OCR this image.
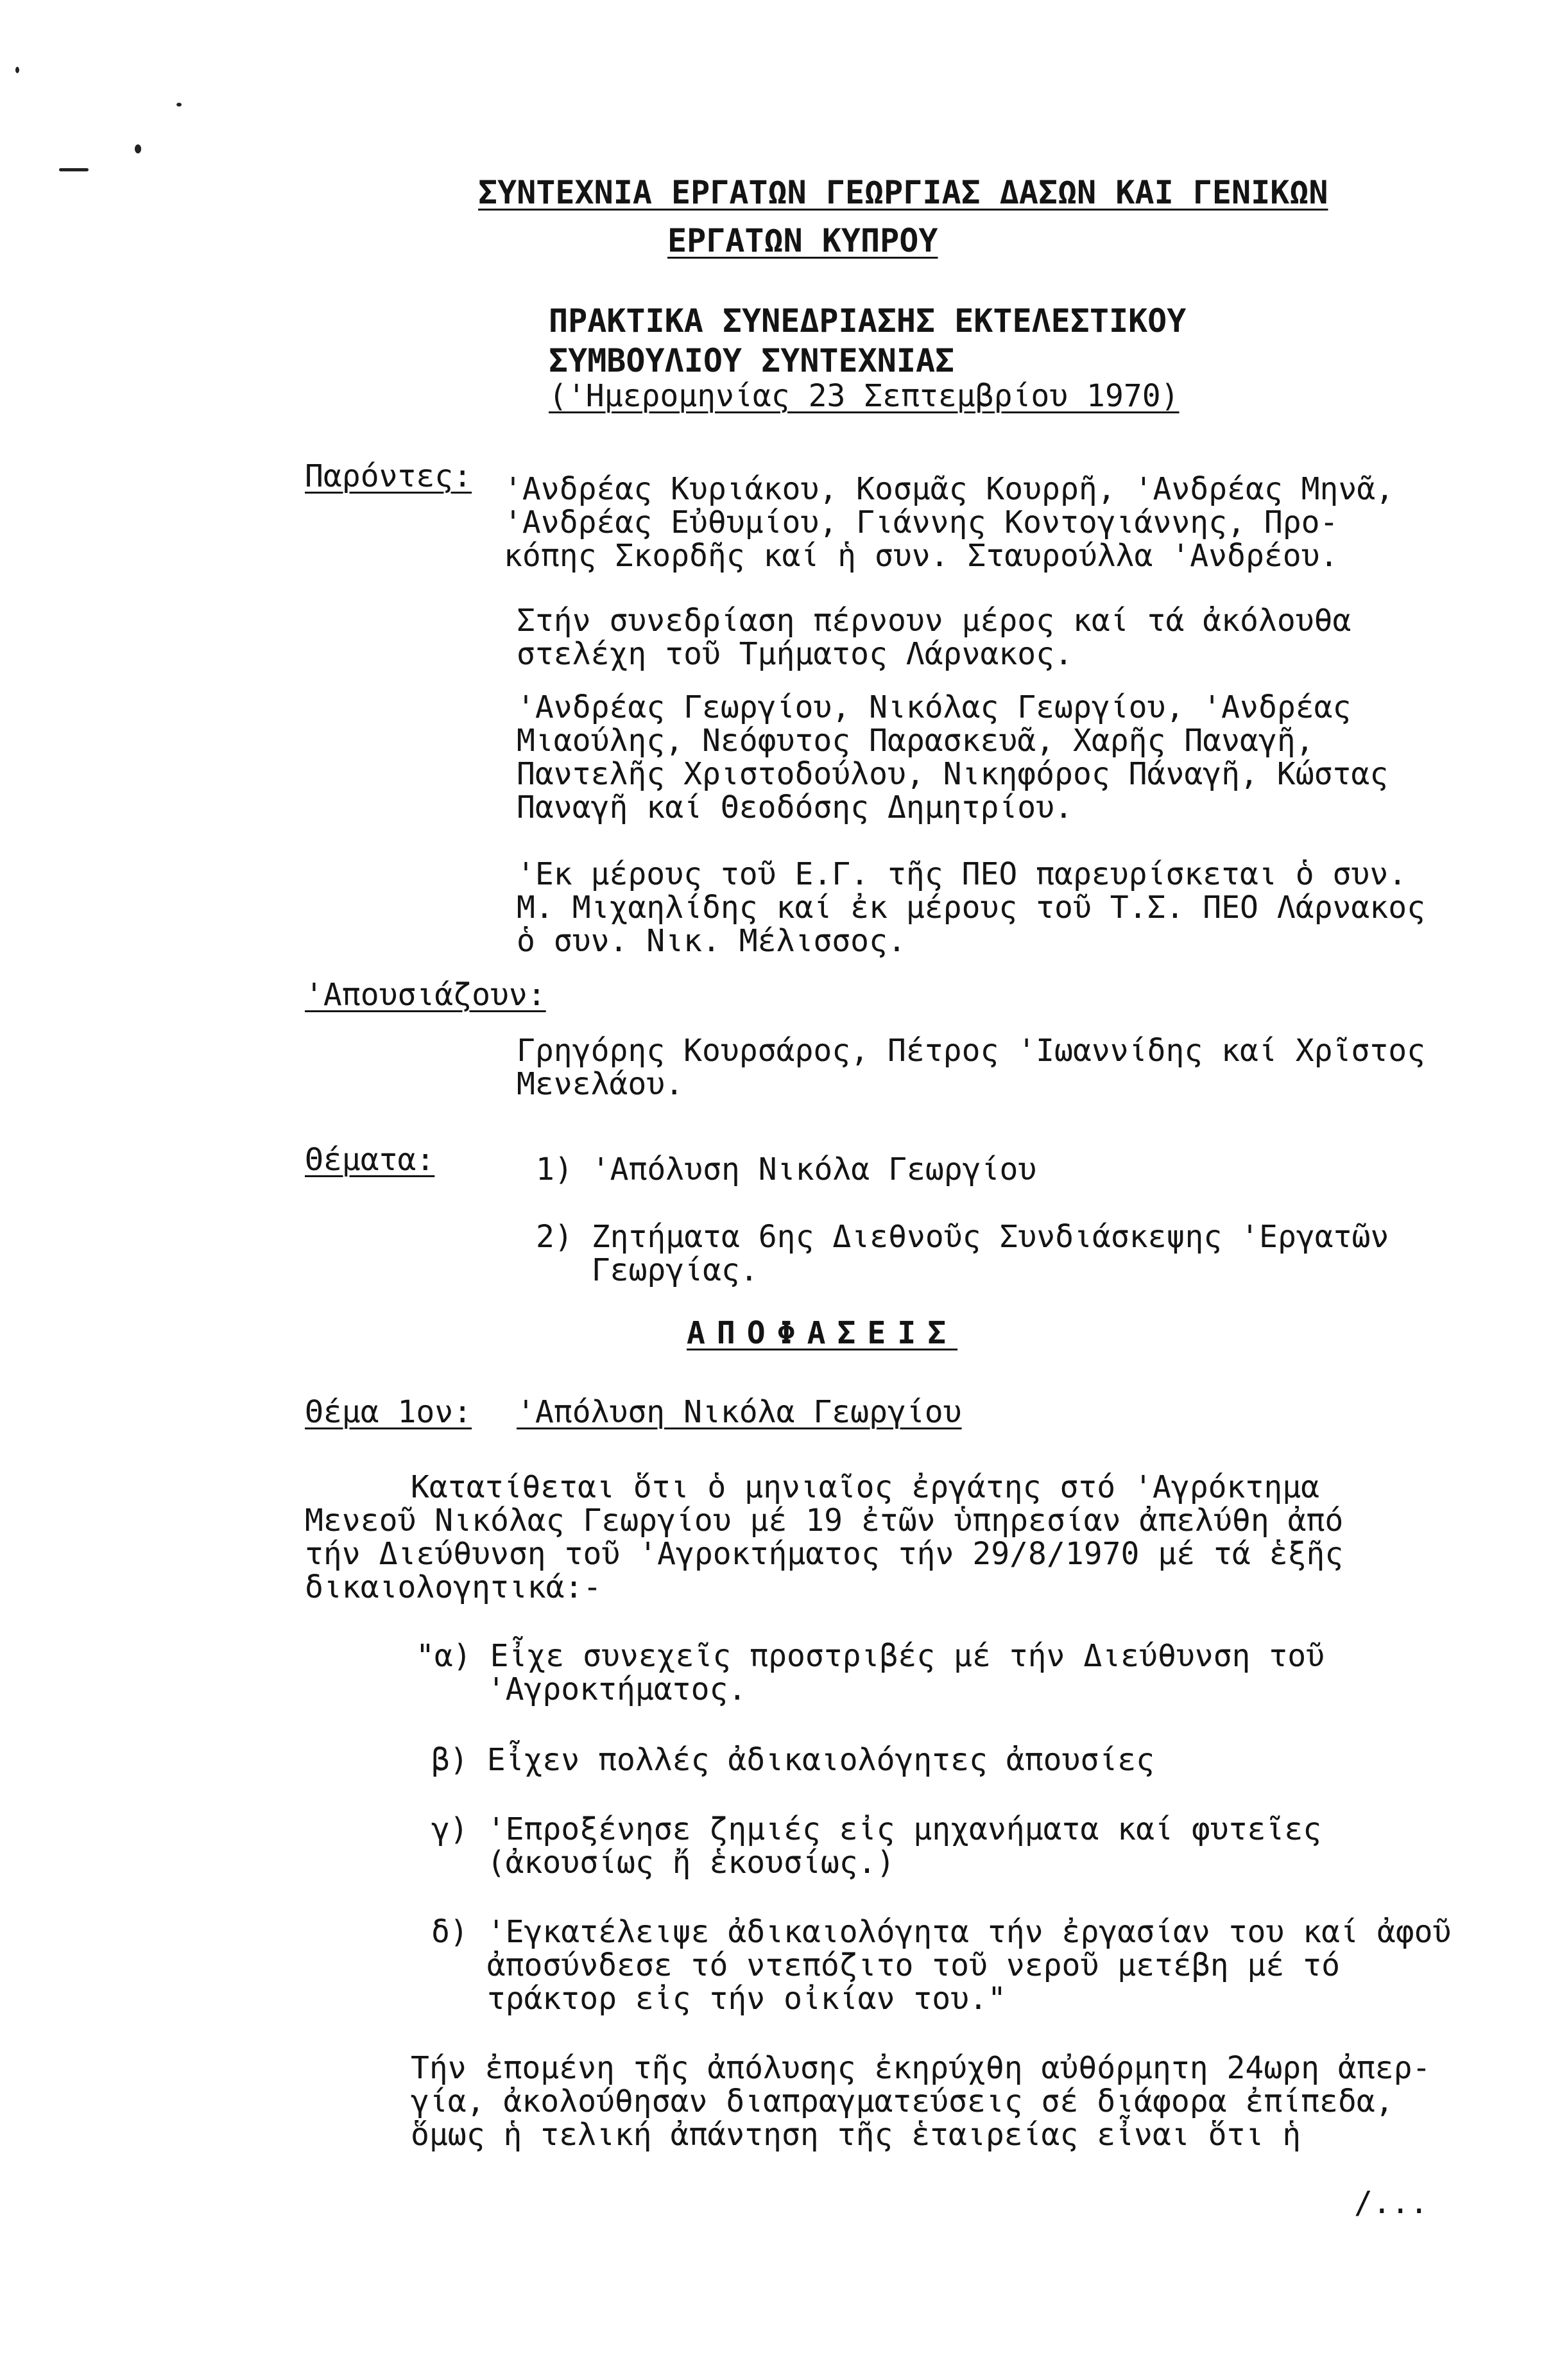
ΣΥΝΤΕΧΝΙΑ ΕΡΓΑΤΩΝ ΓΕΩΡΓΙΑΣ ΔΑΣΩΝ ΚΑΙ ΓΕΝΙΚΩΝ
ΕΡΓΑΤΩΝ ΚΥΠΡΟΥ
ΠΡΑΚΤΙΚΑ ΣΥΝΕΔΡΙΑΣΗΣ ΕΚΤΕΛΕΣΤΙΚΟΥ
ΣΥΜΒΟΥΛΙΟΥ ΣΥΝΤΕΧΝΙΑΣ
('Ημερομηνίας 23 Σεπτεμβρίου 1970)
Παρόντες: 'Ανδρέας Κυριάκου, Κοσμᾶς Κουρρῆ, 'Ανδρέας Μηνᾶ,
'Ανδρέας Εὐθυμίου, Γιάννης Κοντογιάννης, Προ-
κόπης Σκορδῆς καί ἡ συν. Σταυρούλλα 'Ανδρέου.
Στήν συνεδρίαση πέρνουν μέρος καί τά ἀκόλουθα
στελέχη τοῦ Τμήματος Λάρνακος.
'Ανδρέας Γεωργίου, Νικόλας Γεωργίου, 'Ανδρέας
Μιαούλης, Νεόφυτος Παρασκευᾶ, Χαρῆς Παναγῆ,
Παντελῆς Χριστοδούλου, Νικηφόρος Πάναγῆ, Κώστας
Παναγῆ καί Θεοδόσης Δημητρίου.
'Εκ μέρους τοῦ Ε.Γ. τῆς ΠΕΟ παρευρίσκεται ὁ συν.
Μ. Μιχαηλίδης καί ἐκ μέρους τοῦ Τ.Σ. ΠΕΟ Λάρνακος
ὁ συν. Νικ. Μέλισσος.
'Απουσιάζουν:
Γρηγόρης Κουρσάρος, Πέτρος 'Ιωαννίδης καί Χρῖστος
Μενελάου.
Θέματα:	1) 'Απόλυση Νικόλα Γεωργίου
2) Ζητήματα 6ης Διεθνοῦς Συνδιάσκεψης 'Εργατῶν
Γεωργίας.
ΑΠΟΦΑΣΕΙΣ
Θέμα 1ον: 'Απόλυση Νικόλα Γεωργίου
Κατατίθεται ὅτι ὁ μηνιαῖος ἐργάτης στό 'Αγρόκτημα
Μενεοῦ Νικόλας Γεωργίου μέ 19 ἐτῶν ὑπηρεσίαν ἀπελύθη ἀπό
τήν Διεύθυνση τοῦ 'Αγροκτήματος τήν 29/8/1970 μέ τά ἑξῆς
δικαιολογητικά:-
"α) Εἶχε συνεχεῖς προστριβές μέ τήν Διεύθυνση τοῦ
'Αγροκτήματος.
β) Εἶχεν πολλές ἀδικαιολόγητες ἀπουσίες
γ) 'Επροξένησε ζημιές εἰς μηχανήματα καί φυτεῖες
(ἀκουσίως ἤ ἑκουσίως.)
δ) 'Εγκατέλειψε ἀδικαιολόγητα τήν ἐργασίαν του καί ἀφοῦ
ἀποσύνδεσε τό ντεπόζιτο τοῦ νεροῦ μετέβη μέ τό
τράκτορ εἰς τήν οἰκίαν του."
Τήν ἐπομένη τῆς ἀπόλυσης ἐκηρύχθη αὐθόρμητη 24ωρη ἀπερ-
γία, ἀκολούθησαν διαπραγματεύσεις σέ διάφορα ἐπίπεδα,
ὅμως ἡ τελική ἀπάντηση τῆς ἑταιρείας εἶναι ὅτι ἡ
/...
